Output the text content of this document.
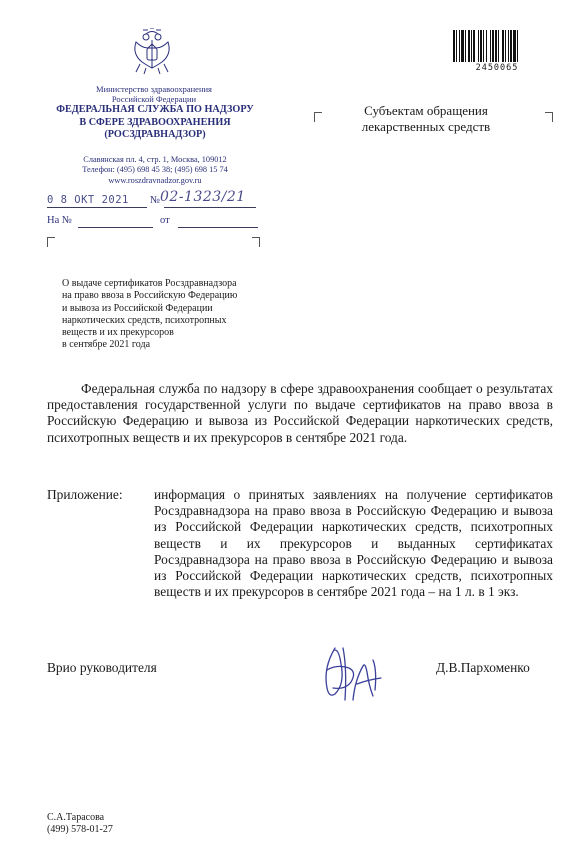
Министерство здравоохранения
Российской Федерации
ФЕДЕРАЛЬНАЯ СЛУЖБА ПО НАДЗОРУ
В СФЕРЕ ЗДРАВООХРАНЕНИЯ
(РОСЗДРАВНАДЗОР)
Славянская пл. 4, стр. 1, Москва, 109012
Телефон: (495) 698 45 38; (495) 698 15 74
www.roszdravnadzor.gov.ru
0 8 ОКТ 2021 № 02-1323/21
На №	от
2450065
Субъектам обращения
лекарственных средств
О выдаче сертификатов Росздравнадзора
на право ввоза в Российскую Федерацию
и вывоза из Российской Федерации
наркотических средств, психотропных
веществ и их прекурсоров
в сентябре 2021 года
Федеральная служба по надзору в сфере здравоохранения сообщает о результатах предоставления государственной услуги по выдаче сертификатов на право ввоза в Российскую Федерацию и вывоза из Российской Федерации наркотических средств, психотропных веществ и их прекурсоров в сентябре 2021 года.
Приложение: информация о принятых заявлениях на получение сертификатов Росздравнадзора на право ввоза в Российскую Федерацию и вывоза из Российской Федерации наркотических средств, психотропных веществ и их прекурсоров и выданных сертификатах Росздравнадзора на право ввоза в Российскую Федерацию и вывоза из Российской Федерации наркотических средств, психотропных веществ и их прекурсоров в сентябре 2021 года – на 1 л. в 1 экз.
Врио руководителя	Д.В.Пархоменко
С.А.Тарасова
(499) 578-01-27
